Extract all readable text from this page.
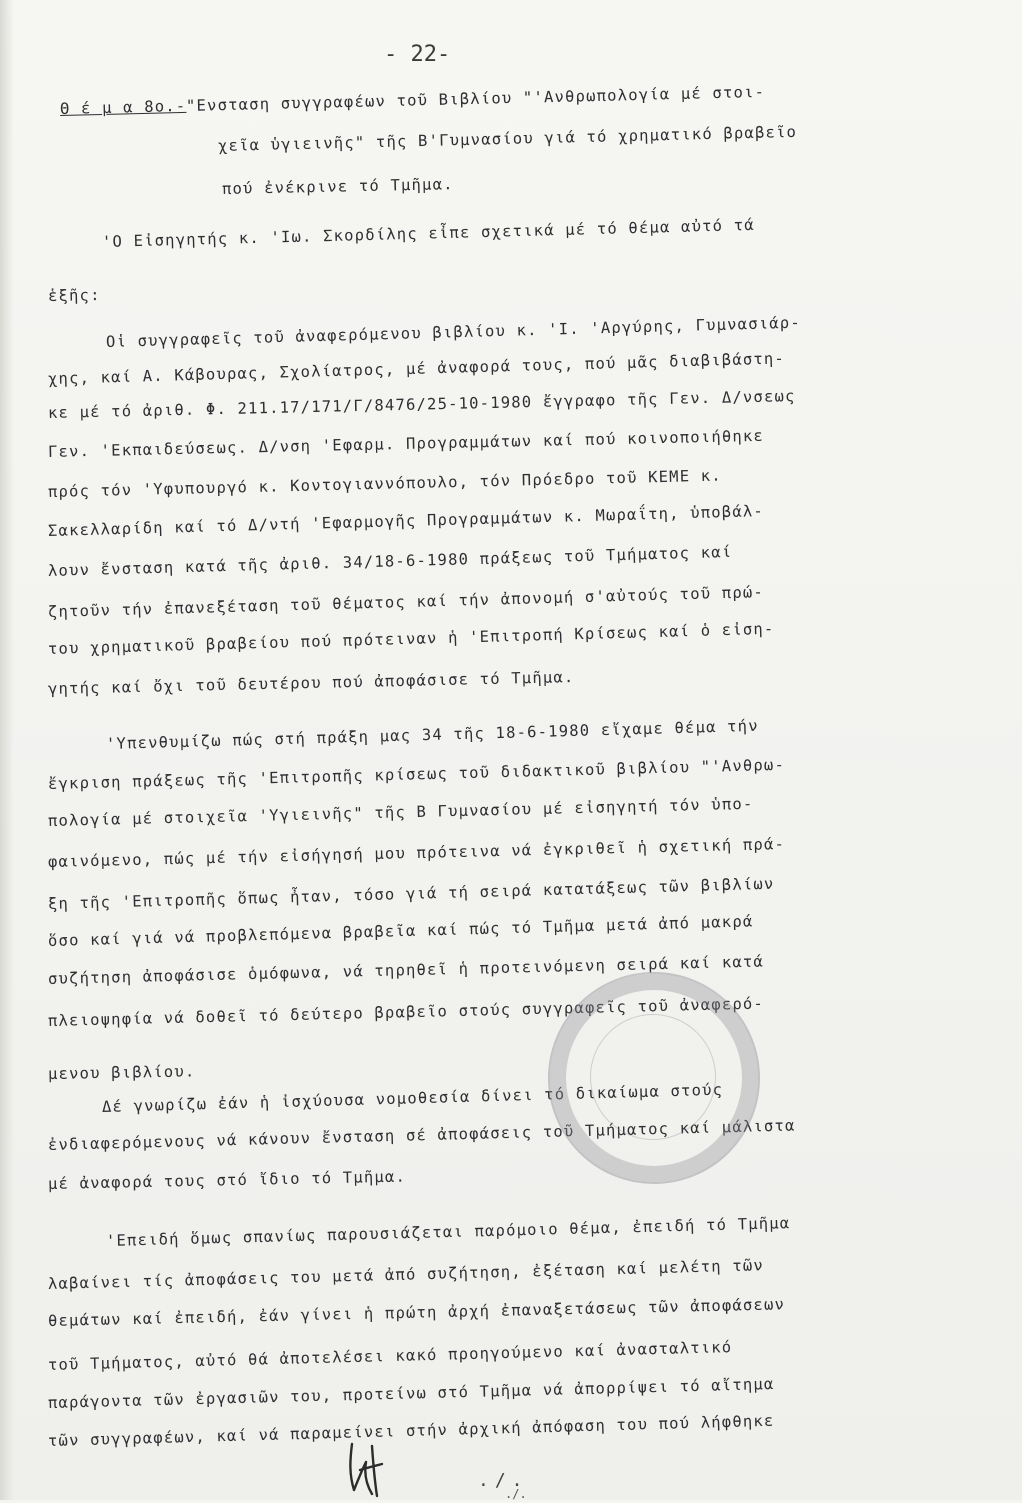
- 22-
Θ έ μ α 8ο.- "Ενσταση συγγραφέων τοῦ Βιβλίου "'Ανθρωπολογία μέ στοι-
χεῖα ὑγιεινῆς" τῆς Β'Γυμνασίου γιά τό χρηματικό βραβεῖο
πού ἐνέκρινε τό Τμῆμα.
'Ο Εἰσηγητής κ. 'Ιω. Σκορδίλης εἶπε σχετικά μέ τό θέμα αὐτό τά
ἑξῆς:
Οἱ συγγραφεῖς τοῦ ἀναφερόμενου βιβλίου κ. 'Ι. 'Αργύρης, Γυμνασιάρ-
χης, καί Α. Κάβουρας, Σχολίατρος, μέ ἀναφορά τους, πού μᾶς διαβιβάστη-
κε μέ τό ἀριθ. Φ. 211.17/171/Γ/8476/25-10-1980 ἔγγραφο τῆς Γεν. Δ/νσεως
Γεν. 'Εκπαιδεύσεως. Δ/νση 'Εφαρμ. Προγραμμάτων καί πού κοινοποιήθηκε
πρός τόν 'Υφυπουργό κ. Κοντογιαννόπουλο, τόν Πρόεδρο τοῦ ΚΕΜΕ κ.
Σακελλαρίδη καί τό Δ/ντή 'Εφαρμογῆς Προγραμμάτων κ. Μωραΐτη, ὑποβάλ-
λουν ἔνσταση κατά τῆς ἀριθ. 34/18-6-1980 πράξεως τοῦ Τμήματος καί
ζητοῦν τήν ἐπανεξέταση τοῦ θέματος καί τήν ἀπονομή σ'αὐτούς τοῦ πρώ-
του χρηματικοῦ βραβείου πού πρότειναν ἡ 'Επιτροπή Κρίσεως καί ὁ εἰση-
γητής καί ὄχι τοῦ δευτέρου πού ἀποφάσισε τό Τμῆμα.
'Υπενθυμίζω πώς στή πράξη μας 34 τῆς 18-6-1980 εἴχαμε θέμα τήν
ἔγκριση πράξεως τῆς 'Επιτροπῆς κρίσεως τοῦ διδακτικοῦ βιβλίου "'Ανθρω-
πολογία μέ στοιχεῖα 'Υγιεινῆς" τῆς Β Γυμνασίου μέ εἰσηγητή τόν ὑπο-
φαινόμενο, πώς μέ τήν εἰσήγησή μου πρότεινα νά ἐγκριθεῖ ἡ σχετική πρά-
ξη τῆς 'Επιτροπῆς ὅπως ἦταν, τόσο γιά τή σειρά κατατάξεως τῶν βιβλίων
ὅσο καί γιά νά προβλεπόμενα βραβεῖα καί πώς τό Τμῆμα μετά ἀπό μακρά
συζήτηση ἀποφάσισε ὁμόφωνα, νά τηρηθεῖ ἡ προτεινόμενη σειρά καί κατά
πλειοψηφία νά δοθεῖ τό δεύτερο βραβεῖο στούς συγγραφεῖς τοῦ ἀναφερό-
μενου βιβλίου.
Δέ γνωρίζω ἐάν ἡ ἰσχύουσα νομοθεσία δίνει τό δικαίωμα στούς
ἐνδιαφερόμενους νά κάνουν ἔνσταση σέ ἀποφάσεις τοῦ Τμήματος καί μάλιστα
μέ ἀναφορά τους στό ἴδιο τό Τμῆμα.
'Επειδή ὅμως σπανίως παρουσιάζεται παρόμοιο θέμα, ἐπειδή τό Τμῆμα
λαβαίνει τίς ἀποφάσεις του μετά ἀπό συζήτηση, ἐξέταση καί μελέτη τῶν
θεμάτων καί ἐπειδή, ἐάν γίνει ἡ πρώτη ἀρχή ἐπαναξετάσεως τῶν ἀποφάσεων
τοῦ Τμήματος, αὐτό θά ἀποτελέσει κακό προηγούμενο καί ἀνασταλτικό
παράγοντα τῶν ἐργασιῶν του, προτείνω στό Τμῆμα νά ἀπορρίψει τό αἴτημα
τῶν συγγραφέων, καί νά παραμείνει στήν ἀρχική ἀπόφαση του πού λήφθηκε
./.
./.
